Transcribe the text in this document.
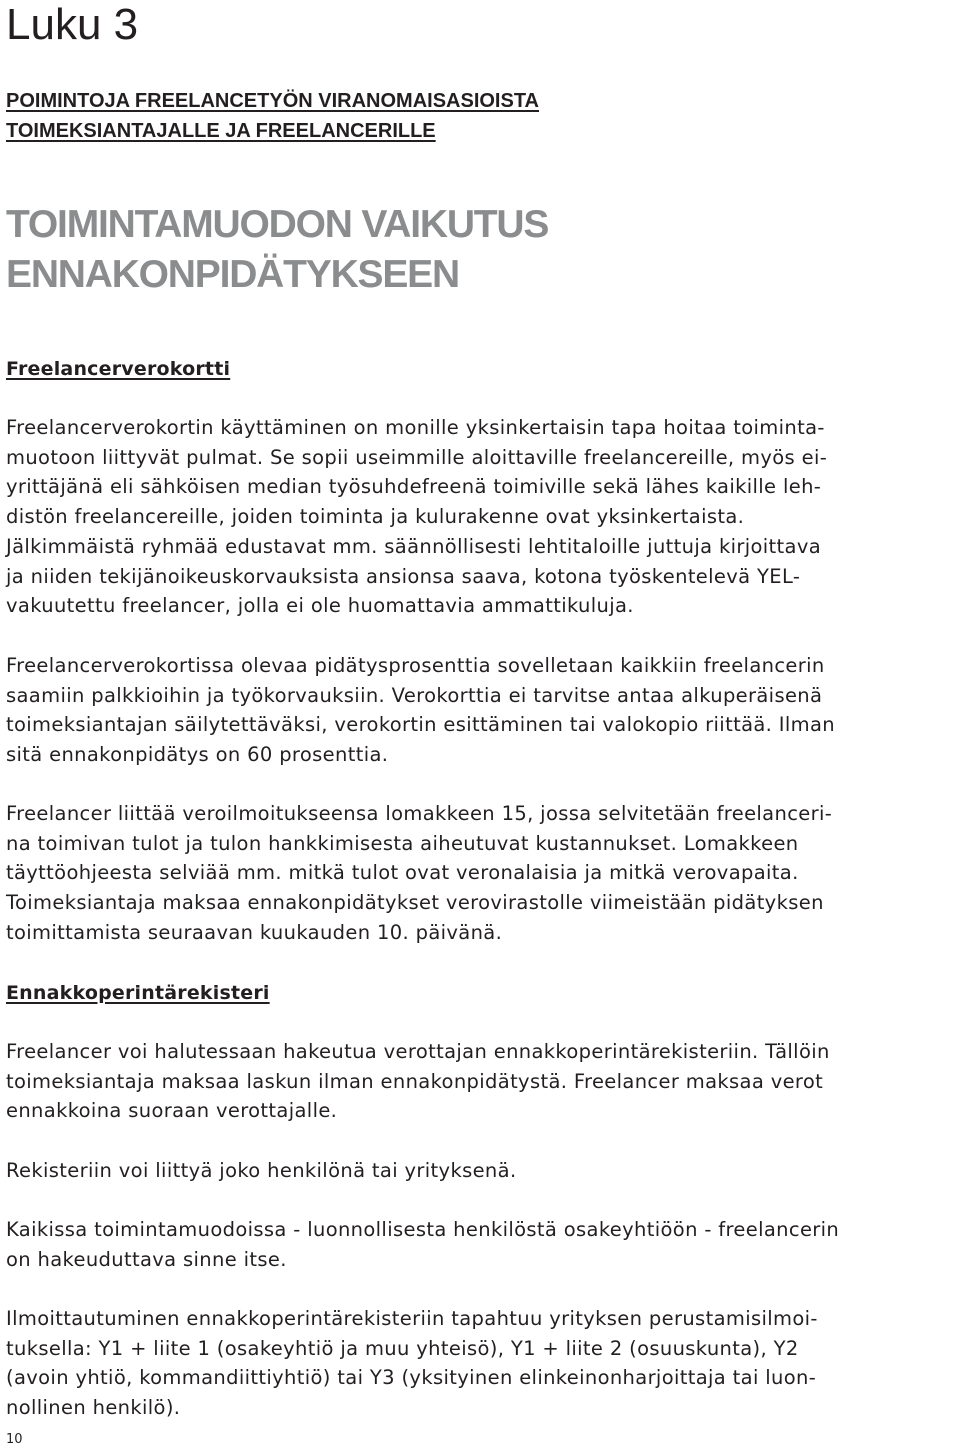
Luku 3
POIMINTOJA FREELANCETYÖN VIRANOMAISASIOISTA
TOIMEKSIANTAJALLE JA FREELANCERILLE
TOIMINTAMUODON VAIKUTUS
ENNAKONPIDÄTYKSEEN
Freelancerverokortti
Freelancerverokortin käyttäminen on monille yksinkertaisin tapa hoitaa toiminta-
muotoon liittyvät pulmat. Se sopii useimmille aloittaville freelancereille, myös ei-
yrittäjänä eli sähköisen median työsuhdefreenä toimiville sekä lähes kaikille leh-
distön freelancereille, joiden toiminta ja kulurakenne ovat yksinkertaista.
Jälkimmäistä ryhmää edustavat mm. säännöllisesti lehtitaloille juttuja kirjoittava
ja niiden tekijänoikeuskorvauksista ansionsa saava, kotona työskentelevä YEL-
vakuutettu freelancer, jolla ei ole huomattavia ammattikuluja.
Freelancerverokortissa olevaa pidätysprosenttia sovelletaan kaikkiin freelancerin
saamiin palkkioihin ja työkorvauksiin. Verokorttia ei tarvitse antaa alkuperäisenä
toimeksiantajan säilytettäväksi, verokortin esittäminen tai valokopio riittää. Ilman
sitä ennakonpidätys on 60 prosenttia.
Freelancer liittää veroilmoitukseensa lomakkeen 15, jossa selvitetään freelanceri-
na toimivan tulot ja tulon hankkimisesta aiheutuvat kustannukset. Lomakkeen
täyttöohjeesta selviää mm. mitkä tulot ovat veronalaisia ja mitkä verovapaita.
Toimeksiantaja maksaa ennakonpidätykset verovirastolle viimeistään pidätyksen
toimittamista seuraavan kuukauden 10. päivänä.
Ennakkoperintärekisteri
Freelancer voi halutessaan hakeutua verottajan ennakkoperintärekisteriin. Tällöin
toimeksiantaja maksaa laskun ilman ennakonpidätystä. Freelancer maksaa verot
ennakkoina suoraan verottajalle.
Rekisteriin voi liittyä joko henkilönä tai yrityksenä.
Kaikissa toimintamuodoissa - luonnollisesta henkilöstä osakeyhtiöön - freelancerin
on hakeuduttava sinne itse.
Ilmoittautuminen ennakkoperintärekisteriin tapahtuu yrityksen perustamisilmoi-
tuksella: Y1 + liite 1 (osakeyhtiö ja muu yhteisö), Y1 + liite 2 (osuuskunta), Y2
(avoin yhtiö, kommandiittiyhtiö) tai Y3 (yksityinen elinkeinonharjoittaja tai luon-
nollinen henkilö).
10
